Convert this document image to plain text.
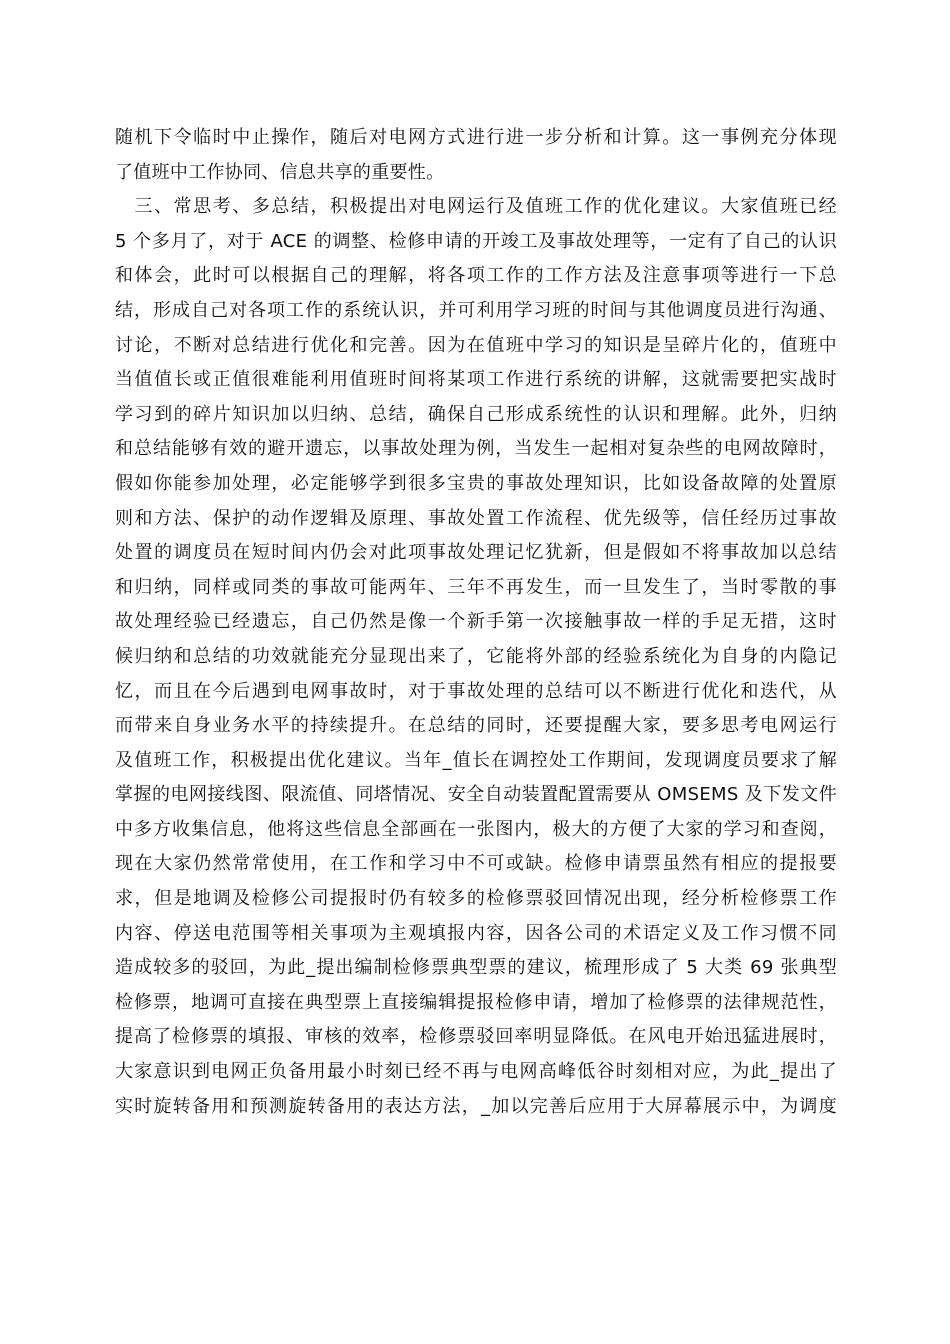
随机下令临时中止操作，随后对电网方式进行进一步分析和计算。这一事例充分体现
了值班中工作协同、信息共享的重要性。
　三、常思考、多总结，积极提出对电网运行及值班工作的优化建议。大家值班已经
5 个多月了，对于 ACE 的调整、检修申请的开竣工及事故处理等，一定有了自己的认识
和体会，此时可以根据自己的理解，将各项工作的工作方法及注意事项等进行一下总
结，形成自己对各项工作的系统认识，并可利用学习班的时间与其他调度员进行沟通、
讨论，不断对总结进行优化和完善。因为在值班中学习的知识是呈碎片化的，值班中
当值值长或正值很难能利用值班时间将某项工作进行系统的讲解，这就需要把实战时
学习到的碎片知识加以归纳、总结，确保自己形成系统性的认识和理解。此外，归纳
和总结能够有效的避开遗忘，以事故处理为例，当发生一起相对复杂些的电网故障时，
假如你能参加处理，必定能够学到很多宝贵的事故处理知识，比如设备故障的处置原
则和方法、保护的动作逻辑及原理、事故处置工作流程、优先级等，信任经历过事故
处置的调度员在短时间内仍会对此项事故处理记忆犹新，但是假如不将事故加以总结
和归纳，同样或同类的事故可能两年、三年不再发生，而一旦发生了，当时零散的事
故处理经验已经遗忘，自己仍然是像一个新手第一次接触事故一样的手足无措，这时
候归纳和总结的功效就能充分显现出来了，它能将外部的经验系统化为自身的内隐记
忆，而且在今后遇到电网事故时，对于事故处理的总结可以不断进行优化和迭代，从
而带来自身业务水平的持续提升。在总结的同时，还要提醒大家，要多思考电网运行
及值班工作，积极提出优化建议。当年_值长在调控处工作期间，发现调度员要求了解
掌握的电网接线图、限流值、同塔情况、安全自动装置配置需要从 OMSEMS 及下发文件
中多方收集信息，他将这些信息全部画在一张图内，极大的方便了大家的学习和查阅，
现在大家仍然常常使用，在工作和学习中不可或缺。检修申请票虽然有相应的提报要
求，但是地调及检修公司提报时仍有较多的检修票驳回情况出现，经分析检修票工作
内容、停送电范围等相关事项为主观填报内容，因各公司的术语定义及工作习惯不同
造成较多的驳回，为此_提出编制检修票典型票的建议，梳理形成了 5 大类 69 张典型
检修票，地调可直接在典型票上直接编辑提报检修申请，增加了检修票的法律规范性，
提高了检修票的填报、审核的效率，检修票驳回率明显降低。在风电开始迅猛进展时，
大家意识到电网正负备用最小时刻已经不再与电网高峰低谷时刻相对应，为此_提出了
实时旋转备用和预测旋转备用的表达方法，_加以完善后应用于大屏幕展示中，为调度
